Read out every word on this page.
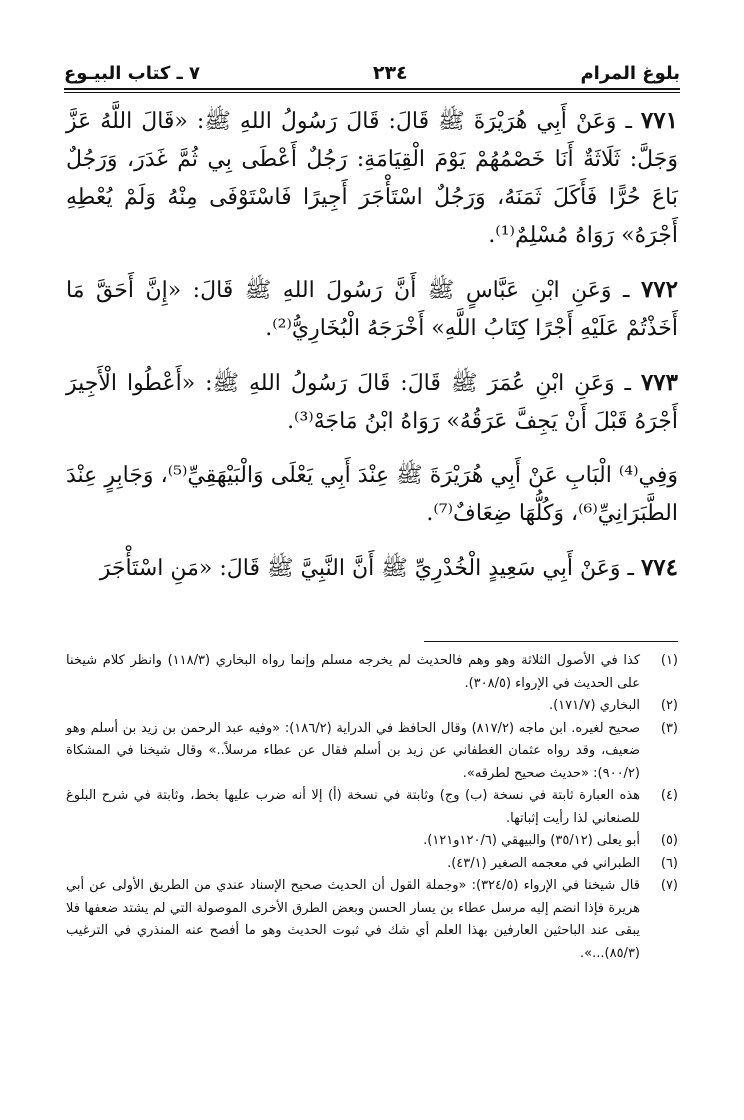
بلوغ المرام
٢٣٤
٧ ـ كتاب البيـوع

٧٧١ ـ وَعَنْ أَبِي هُرَيْرَةَ ﷺ قَالَ: قَالَ رَسُولُ اللهِ ﷺ: «قَالَ اللَّهُ عَزَّ وَجَلَّ: ثَلَاثَةٌ أَنَا خَصْمُهُمْ يَوْمَ الْقِيَامَةِ: رَجُلٌ أَعْطَى بِي ثُمَّ غَدَرَ، وَرَجُلٌ بَاعَ حُرًّا فَأَكَلَ ثَمَنَهُ، وَرَجُلٌ اسْتَأْجَرَ أَجِيرًا فَاسْتَوْفَى مِنْهُ وَلَمْ يُعْطِهِ أَجْرَهُ» رَوَاهُ مُسْلِمٌ⁽¹⁾.

٧٧٢ ـ وَعَنِ ابْنِ عَبَّاسٍ ﷺ أَنَّ رَسُولَ اللهِ ﷺ قَالَ: «إِنَّ أَحَقَّ مَا أَخَذْتُمْ عَلَيْهِ أَجْرًا كِتَابُ اللَّهِ» أَخْرَجَهُ الْبُخَارِيُّ⁽²⁾.

٧٧٣ ـ وَعَنِ ابْنِ عُمَرَ ﷺ قَالَ: قَالَ رَسُولُ اللهِ ﷺ: «أَعْطُوا الْأَجِيرَ أَجْرَهُ قَبْلَ أَنْ يَجِفَّ عَرَقُهُ» رَوَاهُ ابْنُ مَاجَهْ⁽³⁾.

وَفِي⁽⁴⁾ الْبَابِ عَنْ أَبِي هُرَيْرَةَ ﷺ عِنْدَ أَبِي يَعْلَى وَالْبَيْهَقِيِّ⁽⁵⁾، وَجَابِرٍ عِنْدَ الطَّبَرَانِيِّ⁽⁶⁾، وَكُلُّهَا ضِعَافٌ⁽⁷⁾.

٧٧٤ ـ وَعَنْ أَبِي سَعِيدٍ الْخُدْرِيِّ ﷺ أَنَّ النَّبِيَّ ﷺ قَالَ: «مَنِ اسْتَأْجَرَ

(١)
كذا في الأصول الثلاثة وهو وهم فالحديث لم يخرجه مسلم وإنما رواه البخاري (١١٨/٣) وانظر كلام شيخنا على الحديث في الإرواء (٣٠٨/٥).
(٢)
البخاري (١٧١/٧).
(٣)
صحيح لغيره. ابن ماجه (٨١٧/٢) وقال الحافظ في الدراية (١٨٦/٢): «وفيه عبد الرحمن بن زيد بن أسلم وهو ضعيف، وقد رواه عثمان الغطفاني عن زيد بن أسلم فقال عن عطاء مرسلاً..» وقال شيخنا في المشكاة (٩٠٠/٢): «حديث صحيح لطرقه».
(٤)
هذه العبارة ثابتة في نسخة (ب) وج) وثابتة في نسخة (أ) إلا أنه ضرب عليها بخط، وثابتة في شرح البلوغ للصنعاني لذا رأيت إثباتها.
(٥)
أبو يعلى (٣٥/١٢) والبيهقي (١٢٠/٦و١٢١).
(٦)
الطبراني في معجمه الصغير (٤٣/١).
(٧)
قال شيخنا في الإرواء (٣٢٤/٥): «وجملة القول أن الحديث صحيح الإسناد عندي من الطريق الأولى عن أبي هريرة فإذا انضم إليه مرسل عطاء بن يسار الحسن وبعض الطرق الأخرى الموصولة التي لم يشتد ضعفها فلا يبقى عند الباحثين العارفين بهذا العلم أي شك في ثبوت الحديث وهو ما أفصح عنه المنذري في الترغيب (٨٥/٣)...».
